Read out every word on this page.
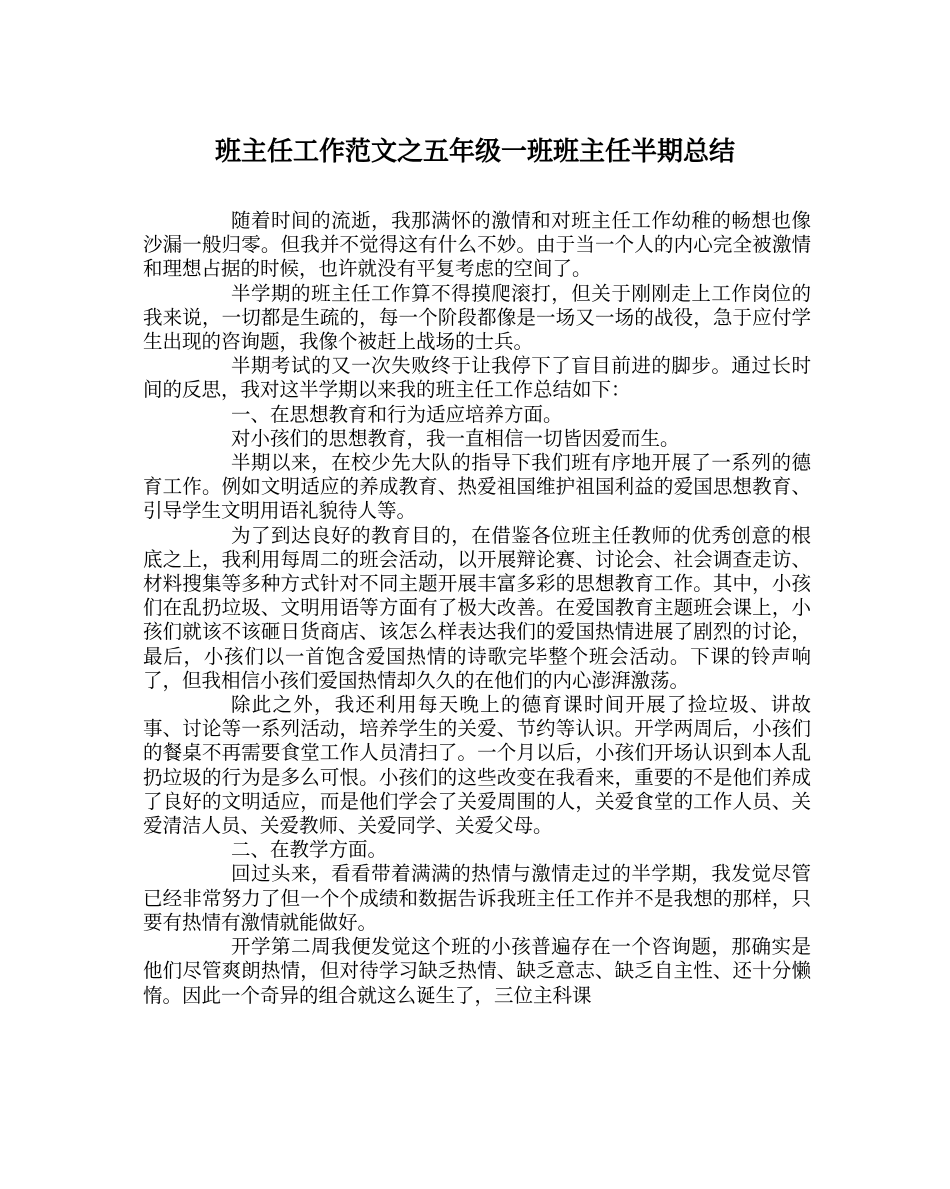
班主任工作范文之五年级一班班主任半期总结

随着时间的流逝，我那满怀的激情和对班主任工作幼稚的畅想也像沙漏一般归零。但我并不觉得这有什么不妙。由于当一个人的内心完全被激情和理想占据的时候，也许就没有平复考虑的空间了。

半学期的班主任工作算不得摸爬滚打，但关于刚刚走上工作岗位的我来说，一切都是生疏的，每一个阶段都像是一场又一场的战役，急于应付学生出现的咨询题，我像个被赶上战场的士兵。

半期考试的又一次失败终于让我停下了盲目前进的脚步。通过长时间的反思，我对这半学期以来我的班主任工作总结如下：

一、在思想教育和行为适应培养方面。

对小孩们的思想教育，我一直相信一切皆因爱而生。

半期以来，在校少先大队的指导下我们班有序地开展了一系列的德育工作。例如文明适应的养成教育、热爱祖国维护祖国利益的爱国思想教育、引导学生文明用语礼貌待人等。

为了到达良好的教育目的，在借鉴各位班主任教师的优秀创意的根底之上，我利用每周二的班会活动，以开展辩论赛、讨论会、社会调查走访、材料搜集等多种方式针对不同主题开展丰富多彩的思想教育工作。其中，小孩们在乱扔垃圾、文明用语等方面有了极大改善。在爱国教育主题班会课上，小孩们就该不该砸日货商店、该怎么样表达我们的爱国热情进展了剧烈的讨论，最后，小孩们以一首饱含爱国热情的诗歌完毕整个班会活动。下课的铃声响了，但我相信小孩们爱国热情却久久的在他们的内心澎湃激荡。

除此之外，我还利用每天晚上的德育课时间开展了捡垃圾、讲故事、讨论等一系列活动，培养学生的关爱、节约等认识。开学两周后，小孩们的餐桌不再需要食堂工作人员清扫了。一个月以后，小孩们开场认识到本人乱扔垃圾的行为是多么可恨。小孩们的这些改变在我看来，重要的不是他们养成了良好的文明适应，而是他们学会了关爱周围的人，关爱食堂的工作人员、关爱清洁人员、关爱教师、关爱同学、关爱父母。

二、在教学方面。

回过头来，看看带着满满的热情与激情走过的半学期，我发觉尽管已经非常努力了但一个个成绩和数据告诉我班主任工作并不是我想的那样，只要有热情有激情就能做好。

开学第二周我便发觉这个班的小孩普遍存在一个咨询题，那确实是他们尽管爽朗热情，但对待学习缺乏热情、缺乏意志、缺乏自主性、还十分懒惰。因此一个奇异的组合就这么诞生了，三位主科课
